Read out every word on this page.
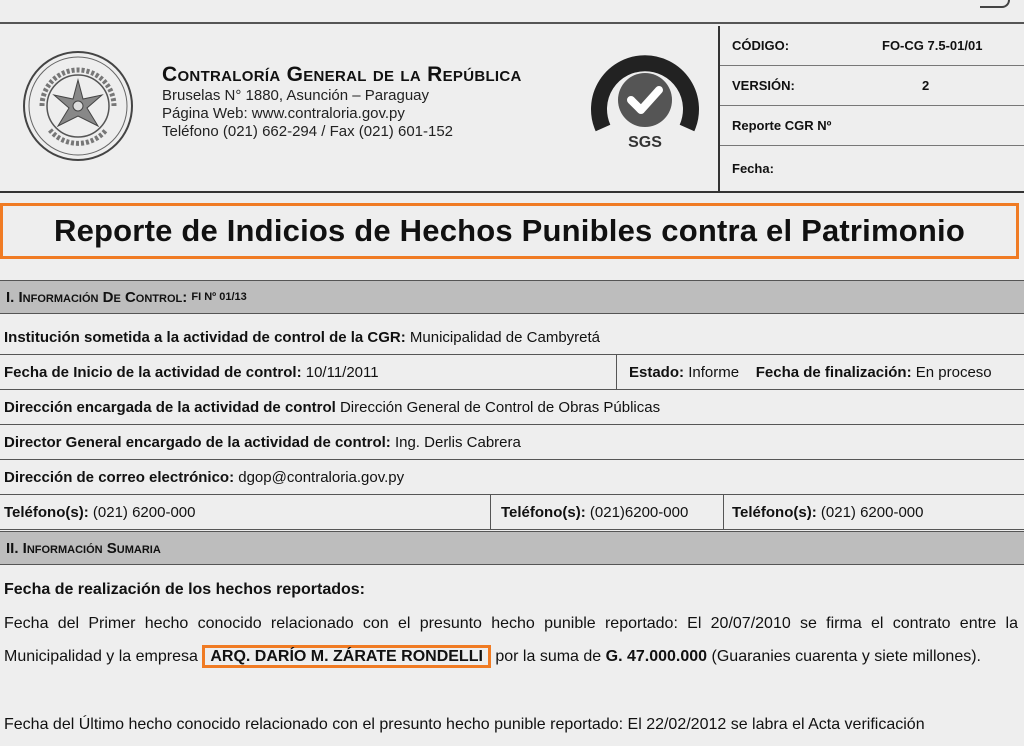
Contraloría General de la República
Bruselas N° 1880, Asunción – Paraguay
Página Web: www.contraloria.gov.py
Teléfono (021) 662-294 / Fax (021) 601-152
SGS
CÓDIGO:	FO-CG 7.5-01/01
VERSIÓN:	2
Reporte CGR Nº
Fecha:
Reporte de Indicios de Hechos Punibles contra el Patrimonio
I. Información De Control:
FI Nº 01/13
Institución sometida a la actividad de control de la CGR:
Municipalidad de Cambyretá
Fecha de Inicio de la actividad de control:
10/11/2011	Estado:
Informe
Fecha de finalización:
En proceso
Dirección encargada de la actividad de control
Dirección General de Control de Obras Públicas
Director General encargado de la actividad de control:
Ing. Derlis Cabrera
Dirección de correo electrónico:
dgop@contraloria.gov.py
Teléfono(s):
(021) 6200-000	Teléfono(s):
(021)6200-000	Teléfono(s):
(021) 6200-000
II. Información Sumaria
Fecha de realización de los hechos reportados:
Fecha del Primer hecho conocido relacionado con el presunto hecho punible reportado: El 20/07/2010 se firma el contrato entre la Municipalidad y la empresa ARQ. DARÍO M. ZÁRATE RONDELLI por la suma de G. 47.000.000 (Guaranies cuarenta y siete millones).
Fecha del Último hecho conocido relacionado con el presunto hecho punible reportado: El 22/02/2012 se labra el Acta verificación
